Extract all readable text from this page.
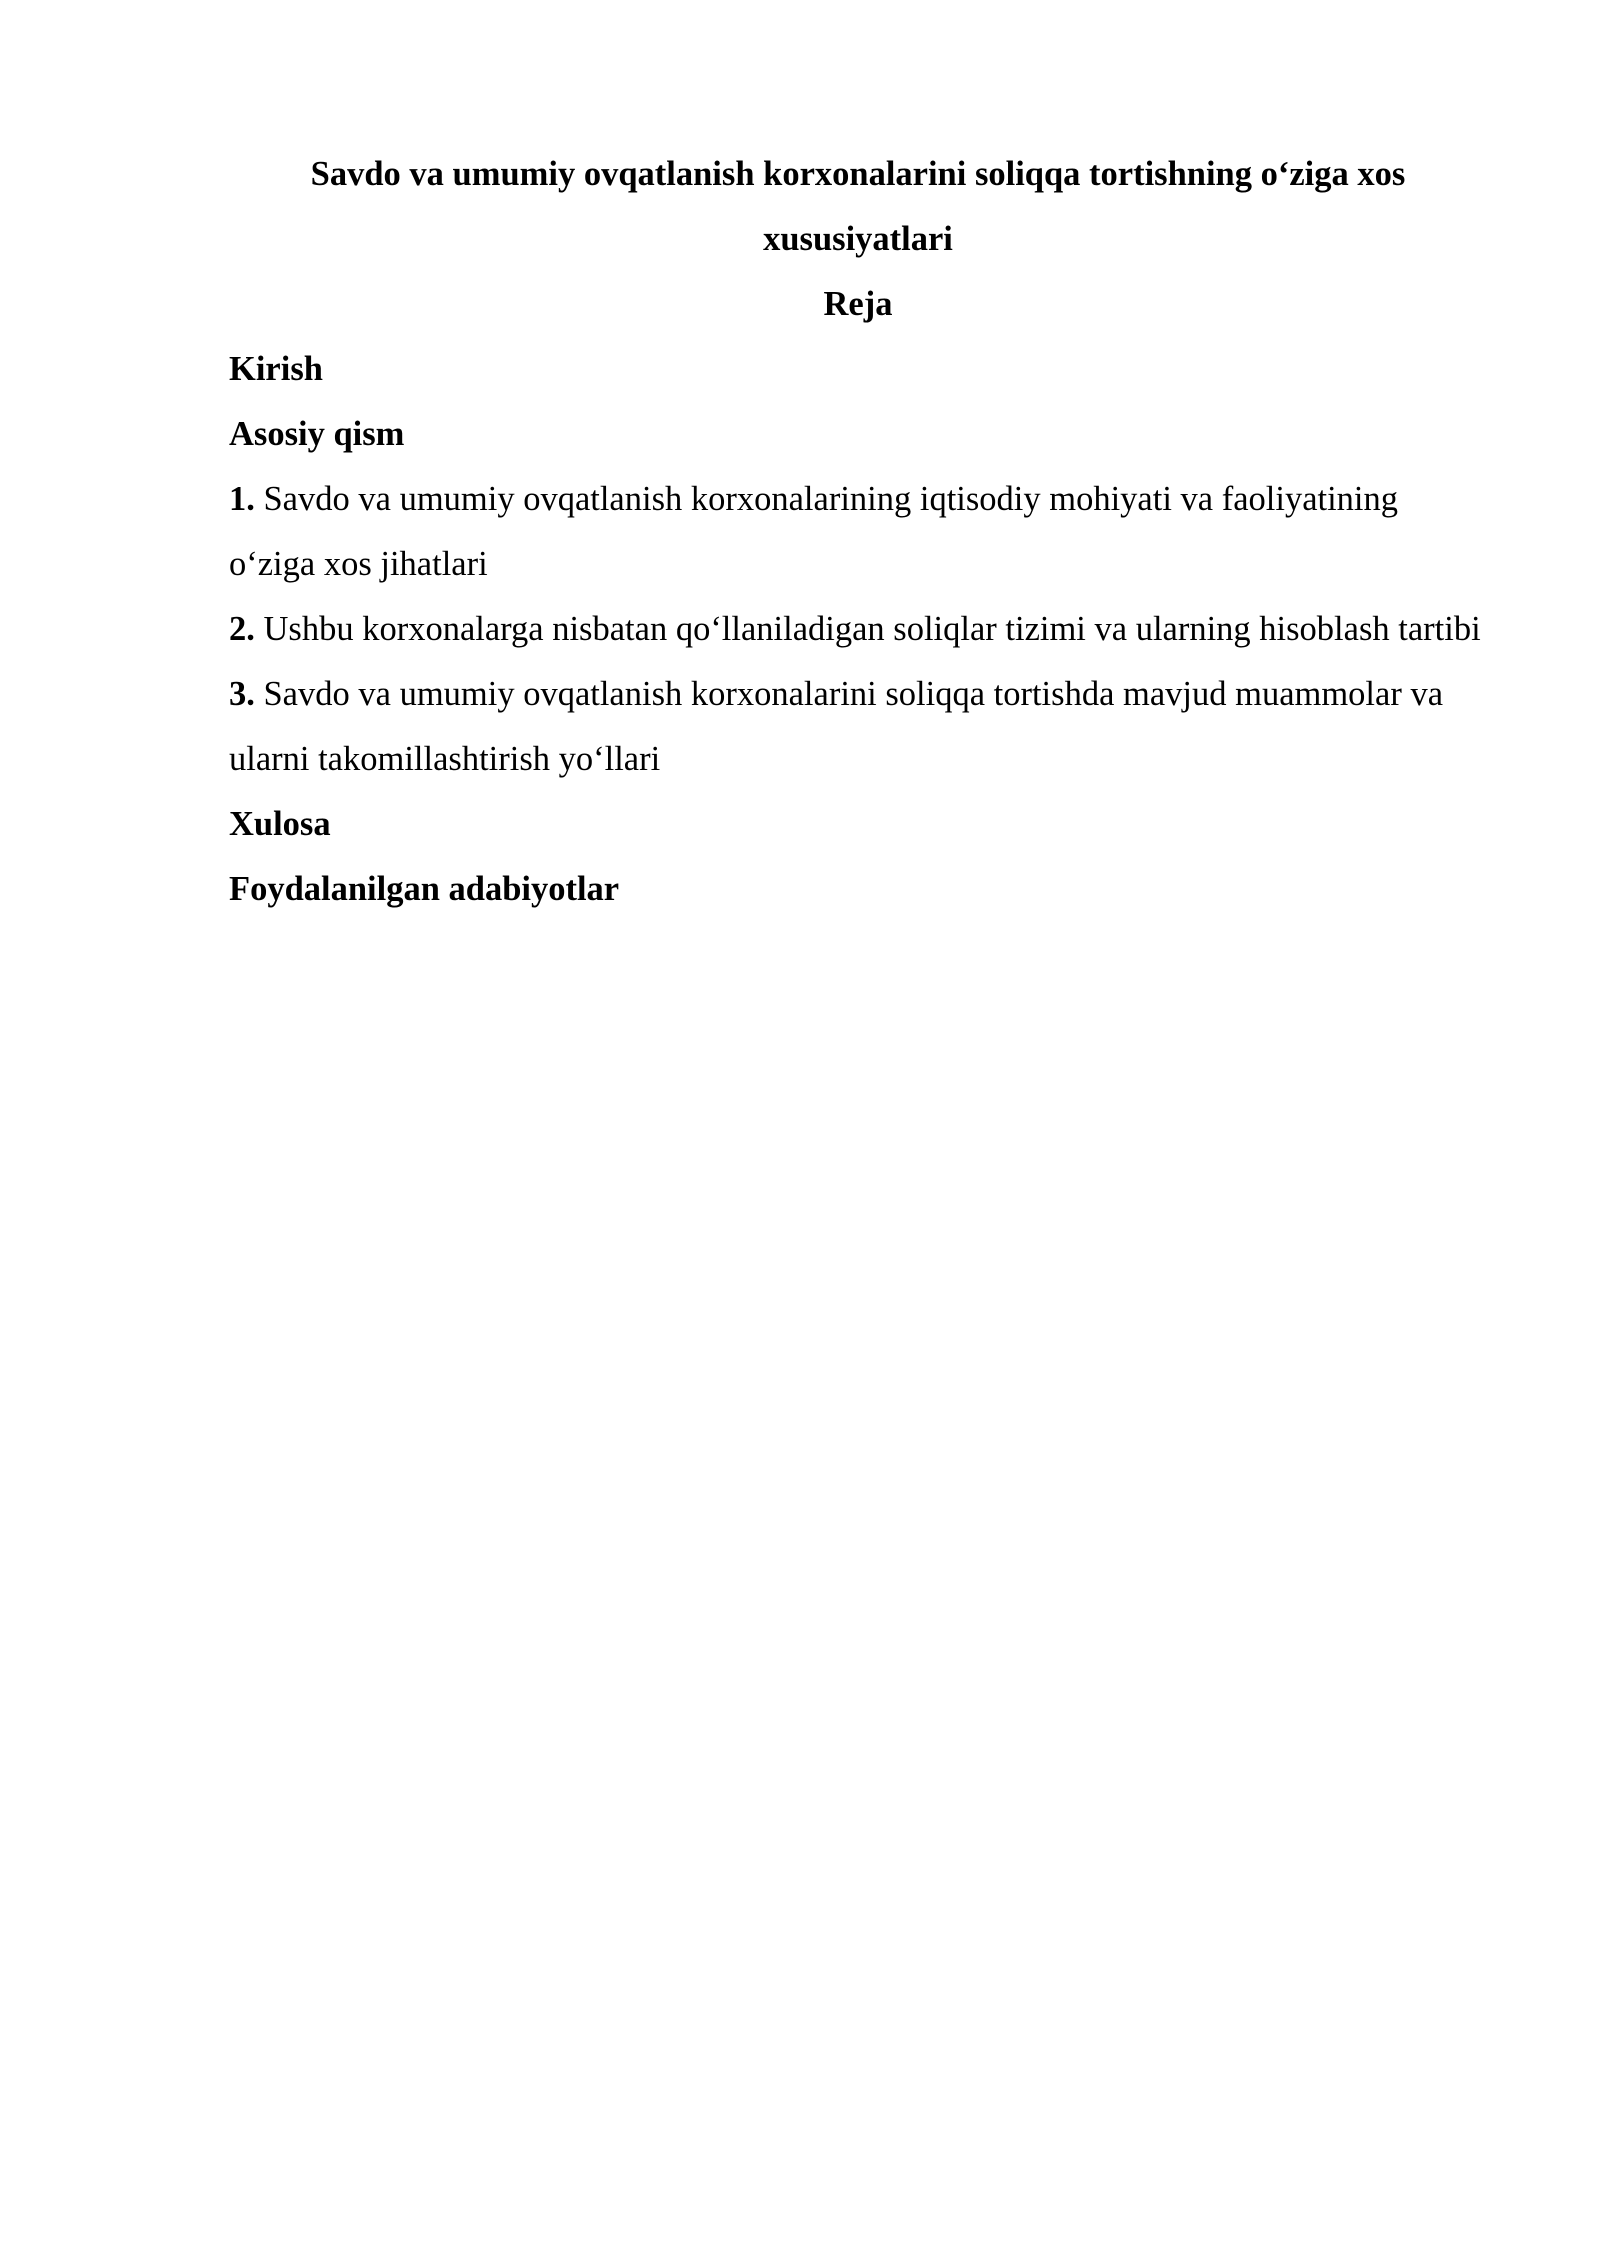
Savdo va umumiy ovqatlanish korxonalarini soliqqa tortishning o‘ziga xos xususiyatlari

Reja

Kirish

Asosiy qism

1. Savdo va umumiy ovqatlanish korxonalarining iqtisodiy mohiyati va faoliyatining o‘ziga xos jihatlari

2. Ushbu korxonalarga nisbatan qo‘llaniladigan soliqlar tizimi va ularning hisoblash tartibi

3. Savdo va umumiy ovqatlanish korxonalarini soliqqa tortishda mavjud muammolar va ularni takomillashtirish yo‘llari

Xulosa

Foydalanilgan adabiyotlar
